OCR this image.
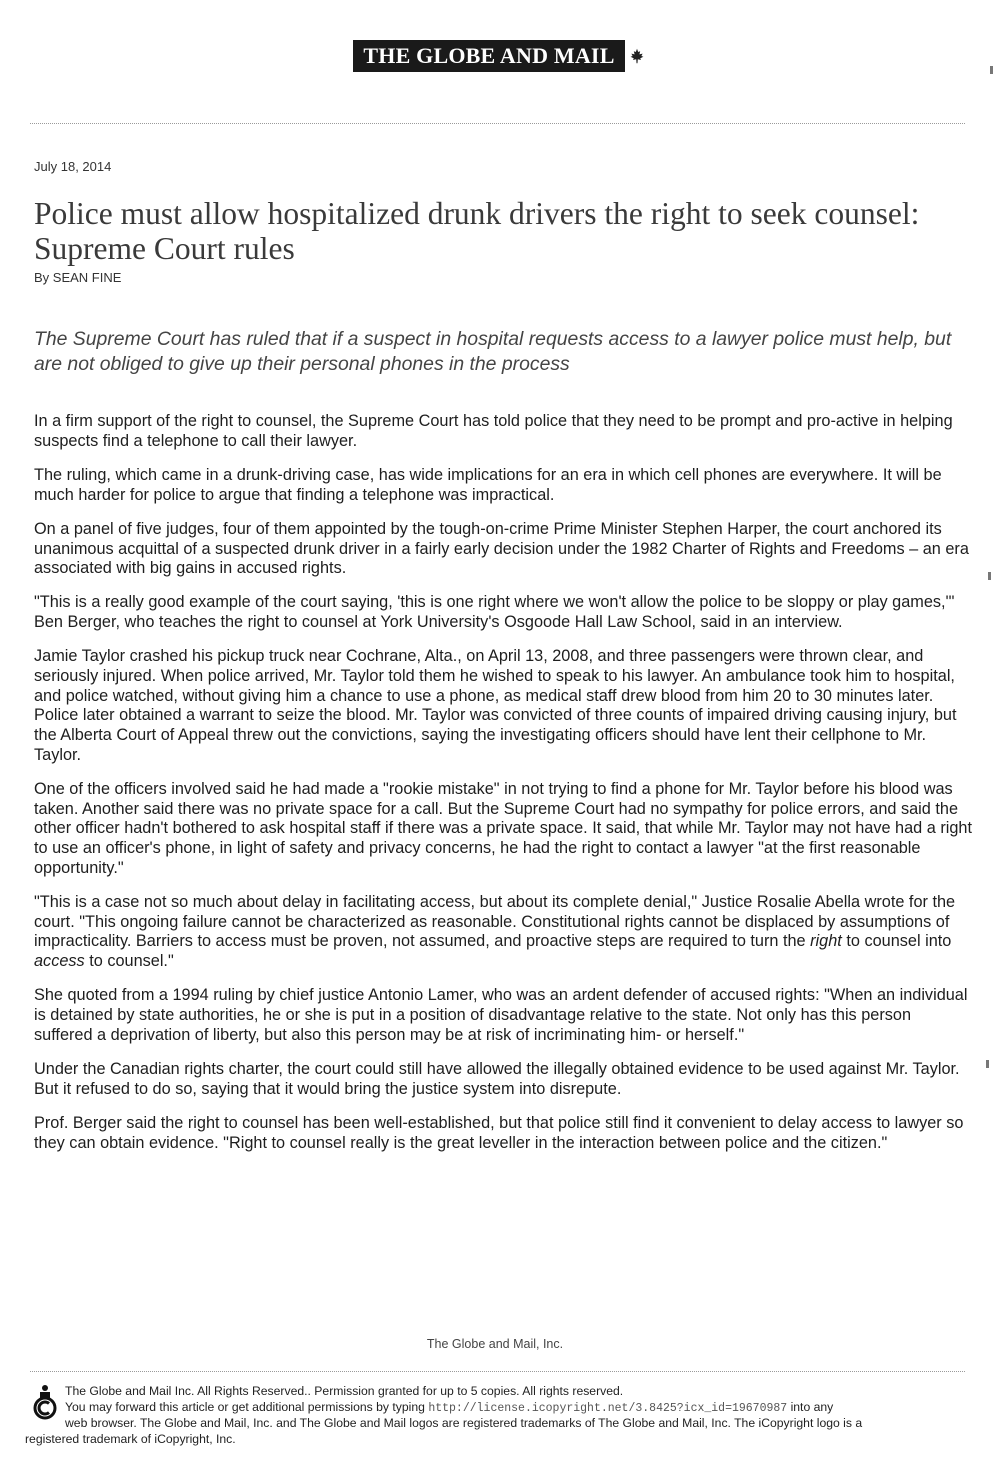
THE GLOBE AND MAIL
July 18, 2014
Police must allow hospitalized drunk drivers the right to seek counsel: Supreme Court rules
By SEAN FINE

The Supreme Court has ruled that if a suspect in hospital requests access to a lawyer police must help, but are not obliged to give up their personal phones in the process

In a firm support of the right to counsel, the Supreme Court has told police that they need to be prompt and pro-active in helping suspects find a telephone to call their lawyer.

The ruling, which came in a drunk-driving case, has wide implications for an era in which cell phones are everywhere. It will be much harder for police to argue that finding a telephone was impractical.

On a panel of five judges, four of them appointed by the tough-on-crime Prime Minister Stephen Harper, the court anchored its unanimous acquittal of a suspected drunk driver in a fairly early decision under the 1982 Charter of Rights and Freedoms – an era associated with big gains in accused rights.

"This is a really good example of the court saying, 'this is one right where we won't allow the police to be sloppy or play games,'" Ben Berger, who teaches the right to counsel at York University's Osgoode Hall Law School, said in an interview.

Jamie Taylor crashed his pickup truck near Cochrane, Alta., on April 13, 2008, and three passengers were thrown clear, and seriously injured. When police arrived, Mr. Taylor told them he wished to speak to his lawyer. An ambulance took him to hospital, and police watched, without giving him a chance to use a phone, as medical staff drew blood from him 20 to 30 minutes later. Police later obtained a warrant to seize the blood. Mr. Taylor was convicted of three counts of impaired driving causing injury, but the Alberta Court of Appeal threw out the convictions, saying the investigating officers should have lent their cellphone to Mr. Taylor.

One of the officers involved said he had made a "rookie mistake" in not trying to find a phone for Mr. Taylor before his blood was taken. Another said there was no private space for a call. But the Supreme Court had no sympathy for police errors, and said the other officer hadn't bothered to ask hospital staff if there was a private space. It said, that while Mr. Taylor may not have had a right to use an officer's phone, in light of safety and privacy concerns, he had the right to contact a lawyer "at the first reasonable opportunity."

"This is a case not so much about delay in facilitating access, but about its complete denial," Justice Rosalie Abella wrote for the court. "This ongoing failure cannot be characterized as reasonable. Constitutional rights cannot be displaced by assumptions of impracticality. Barriers to access must be proven, not assumed, and proactive steps are required to turn the right to counsel into access to counsel."

She quoted from a 1994 ruling by chief justice Antonio Lamer, who was an ardent defender of accused rights: "When an individual is detained by state authorities, he or she is put in a position of disadvantage relative to the state. Not only has this person suffered a deprivation of liberty, but also this person may be at risk of incriminating him- or herself."

Under the Canadian rights charter, the court could still have allowed the illegally obtained evidence to be used against Mr. Taylor. But it refused to do so, saying that it would bring the justice system into disrepute.

Prof. Berger said the right to counsel has been well-established, but that police still find it convenient to delay access to lawyer so they can obtain evidence. "Right to counsel really is the great leveller in the interaction between police and the citizen."

The Globe and Mail, Inc.
The Globe and Mail Inc. All Rights Reserved.. Permission granted for up to 5 copies. All rights reserved.
You may forward this article or get additional permissions by typing http://license.icopyright.net/3.8425?icx_id=19670987 into any
web browser. The Globe and Mail, Inc. and The Globe and Mail logos are registered trademarks of The Globe and Mail, Inc. The iCopyright logo is a
registered trademark of iCopyright, Inc.
